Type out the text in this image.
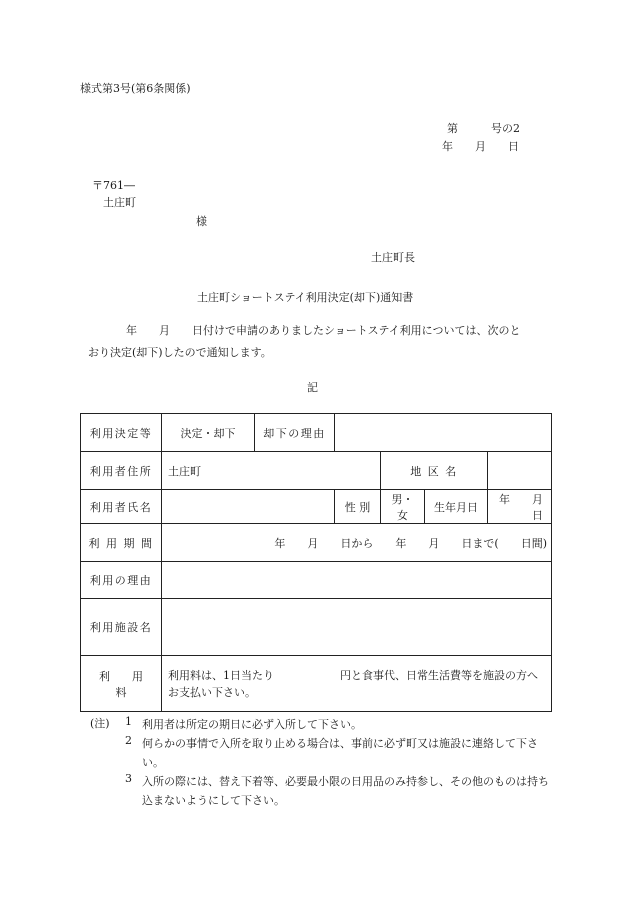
様式第3号(第6条関係)
第　　　号の2
年　　月　　日
〒761―
土庄町
様
土庄町長
土庄町ショートステイ利用決定(却下)通知書
年　　月　　日付けで申請のありましたショートステイ利用については、次のと
おり決定(却下)したので通知します。
記
利用決定等	決定・却下	却下の理由				
利用者住所	土庄町			地 区 名		
利用者氏名			性 別	男・女	生年月日	年　　月　　日
利 用 期 間	年　　月　　日から　　年　　月　　日まで(　　日間)					
利用の理由						
利用施設名						
利　　用　　料	利用料は、1日当たり　　　　　　円と食事代、日常生活費等を施設の方へ
お支払い下さい。					
(注) 1 利用者は所定の期日に必ず入所して下さい。
2 何らかの事情で入所を取り止める場合は、事前に必ず町又は施設に連絡して下さい。
3 入所の際には、替え下着等、必要最小限の日用品のみ持参し、その他のものは持ち込まないようにして下さい。
